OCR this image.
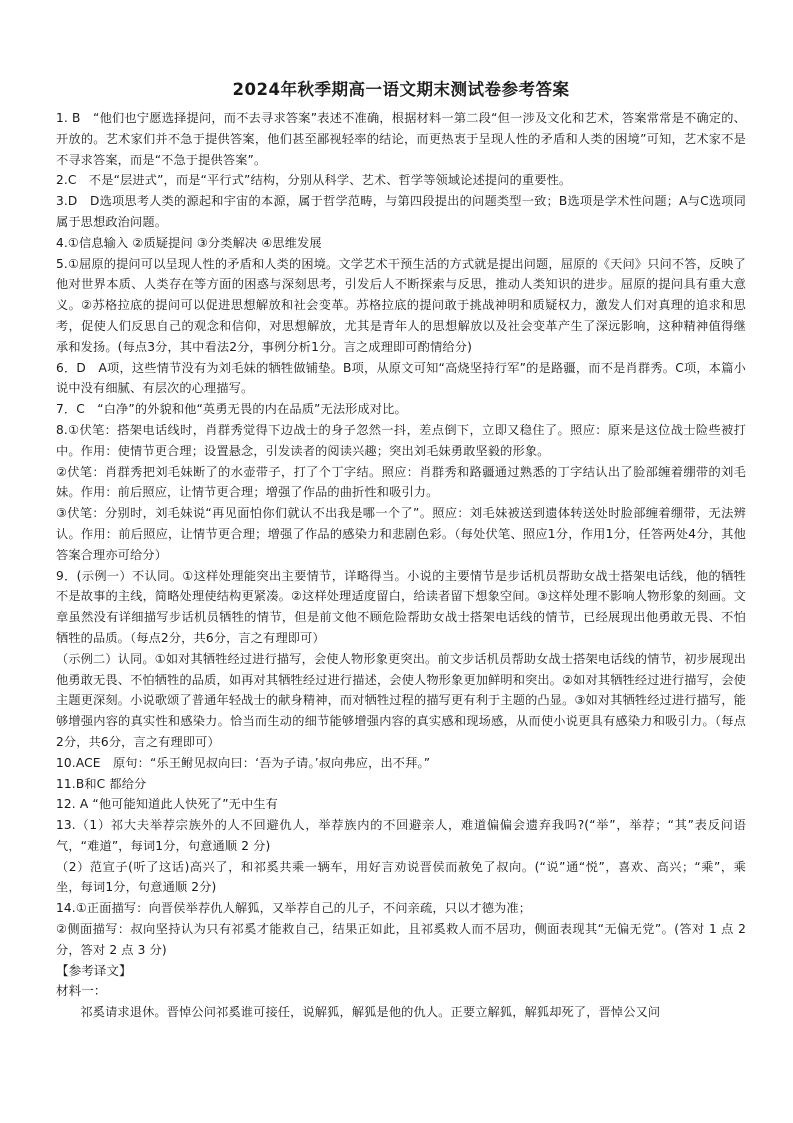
2024年秋季期高一语文期末测试卷参考答案

1. B　“他们也宁愿选择提问，而不去寻求答案”表述不准确，根据材料一第二段“但一涉及文化和艺术，答案常常是不确定的、开放的。艺术家们并不急于提供答案，他们甚至鄙视轻率的结论，而更热衷于呈现人性的矛盾和人类的困境”可知，艺术家不是不寻求答案，而是“不急于提供答案”。

2.C　不是“层进式”，而是“平行式”结构，分别从科学、艺术、哲学等领域论述提问的重要性。

3.D　D选项思考人类的源起和宇宙的本源，属于哲学范畴，与第四段提出的问题类型一致；B选项是学术性问题；A与C选项同属于思想政治问题。

4.①信息输入 ②质疑提问 ③分类解决 ④思维发展

5.①屈原的提问可以呈现人性的矛盾和人类的困境。文学艺术干预生活的方式就是提出问题，屈原的《天问》只问不答，反映了他对世界本质、人类存在等方面的困惑与深刻思考，引发后人不断探索与反思，推动人类知识的进步。屈原的提问具有重大意义。②苏格拉底的提问可以促进思想解放和社会变革。苏格拉底的提问敢于挑战神明和质疑权力，激发人们对真理的追求和思考，促使人们反思自己的观念和信仰，对思想解放，尤其是青年人的思想解放以及社会变革产生了深远影响，这种精神值得继承和发扬。(每点3分，其中看法2分，事例分析1分。言之成理即可酌情给分)

6．D　A项，这些情节没有为刘毛妹的牺牲做铺垫。B项，从原文可知“高烧坚持行军”的是路疆，而不是肖群秀。C项，本篇小说中没有细腻、有层次的心理描写。

7．C　“白净”的外貌和他“英勇无畏的内在品质”无法形成对比。

8.①伏笔：搭架电话线时，肖群秀觉得下边战士的身子忽然一抖，差点倒下，立即又稳住了。照应：原来是这位战士险些被打中。作用：使情节更合理；设置悬念，引发读者的阅读兴趣；突出刘毛妹勇敢坚毅的形象。

②伏笔：肖群秀把刘毛妹断了的水壶带子，打了个丁字结。照应：肖群秀和路疆通过熟悉的丁字结认出了脸部缠着绷带的刘毛妹。作用：前后照应，让情节更合理；增强了作品的曲折性和吸引力。

③伏笔：分别时，刘毛妹说“再见面怕你们就认不出我是哪一个了”。照应：刘毛妹被送到遗体转送处时脸部缠着绷带，无法辨认。作用：前后照应，让情节更合理；增强了作品的感染力和悲剧色彩。（每处伏笔、照应1分，作用1分，任答两处4分，其他答案合理亦可给分）

9．(示例一）不认同。①这样处理能突出主要情节，详略得当。小说的主要情节是步话机员帮助女战士搭架电话线，他的牺牲不是故事的主线，简略处理使结构更紧凑。②这样处理适度留白，给读者留下想象空间。③这样处理不影响人物形象的刻画。文章虽然没有详细描写步话机员牺牲的情节，但是前文他不顾危险帮助女战士搭架电话线的情节，已经展现出他勇敢无畏、不怕牺牲的品质。（每点2分，共6分，言之有理即可）

（示例二）认同。①如对其牺牲经过进行描写，会使人物形象更突出。前文步话机员帮助女战士搭架电话线的情节，初步展现出他勇敢无畏、不怕牺牲的品质，如再对其牺牲经过进行描述，会使人物形象更加鲜明和突出。②如对其牺牲经过进行描写，会使主题更深刻。小说歌颂了普通年轻战士的献身精神，而对牺牲过程的描写更有利于主题的凸显。③如对其牺牲经过进行描写，能够增强内容的真实性和感染力。恰当而生动的细节能够增强内容的真实感和现场感，从而使小说更具有感染力和吸引力。（每点2分，共6分，言之有理即可）

10.ACE　原句：“乐王鲋见叔向曰：‘吾为子请。’叔向弗应，出不拜。”

11.B和C 都给分

12. A “他可能知道此人快死了”无中生有

13.（1）祁大夫举荐宗族外的人不回避仇人，举荐族内的不回避亲人，难道偏偏会遗弃我吗?(“举”，举荐；“其”表反问语气，“难道”，每词1分，句意通顺 2 分)

（2）范宣子(听了这话)高兴了，和祁奚共乘一辆车，用好言劝说晋侯而赦免了叔向。(“说”通“悦”，喜欢、高兴；“乘”，乘坐，每词1分，句意通顺 2分)

14.①正面描写：向晋侯举荐仇人解狐，又举荐自己的儿子，不问亲疏，只以才德为准；

②侧面描写：叔向坚持认为只有祁奚才能救自己，结果正如此，且祁奚救人而不居功，侧面表现其“无偏无党”。(答对 1 点 2分，答对 2 点 3 分)

【参考译文】

材料一：

祁奚请求退休。晋悼公问祁奚谁可接任，说解狐，解狐是他的仇人。正要立解狐，解狐却死了，晋悼公又问
